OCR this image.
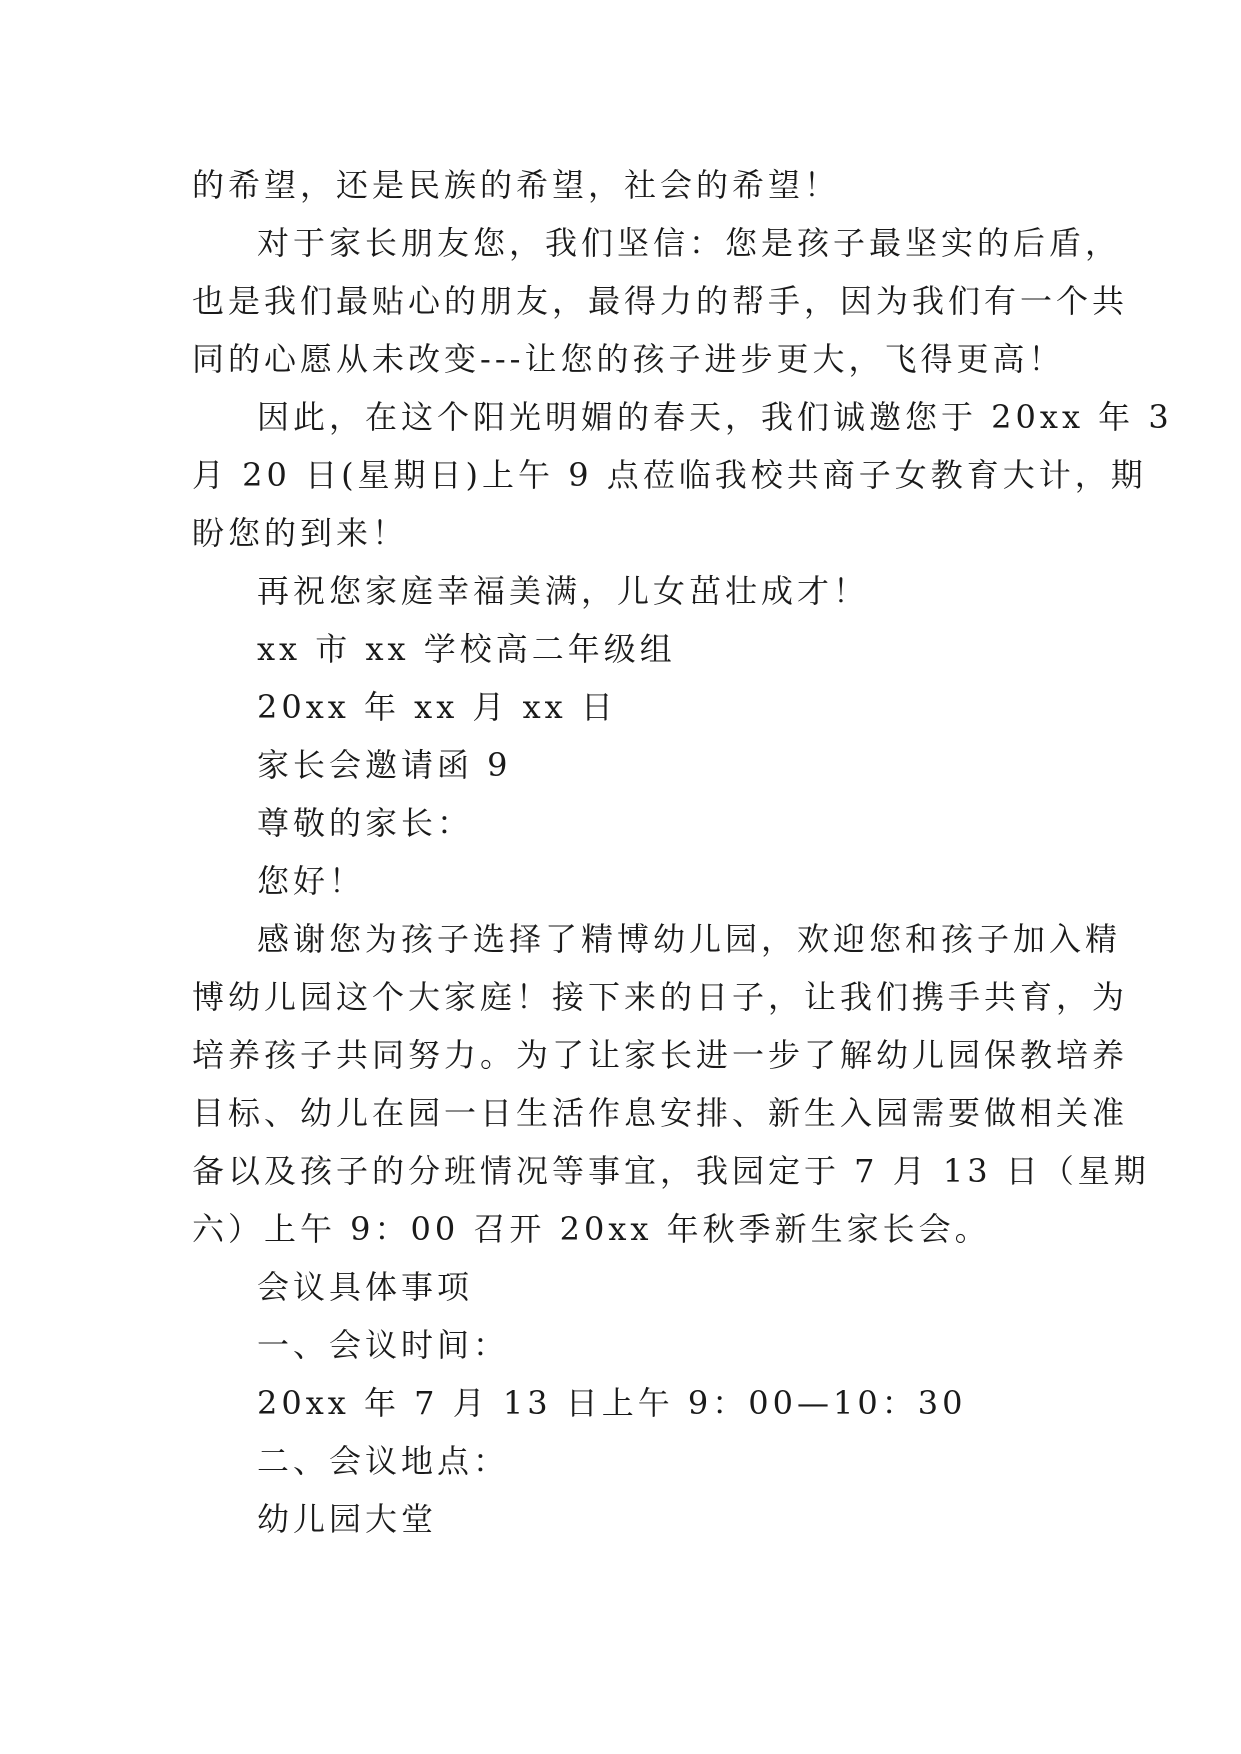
的希望，还是民族的希望，社会的希望！

对于家长朋友您，我们坚信：您是孩子最坚实的后盾，

也是我们最贴心的朋友，最得力的帮手，因为我们有一个共

同的心愿从未改变---让您的孩子进步更大，飞得更高！

因此，在这个阳光明媚的春天，我们诚邀您于 20xx 年 3

月 20 日(星期日)上午 9 点莅临我校共商子女教育大计，期

盼您的到来！

再祝您家庭幸福美满，儿女茁壮成才！

xx 市 xx 学校高二年级组

20xx 年 xx 月 xx 日

家长会邀请函 9

尊敬的家长：

您好！

感谢您为孩子选择了精博幼儿园，欢迎您和孩子加入精

博幼儿园这个大家庭！接下来的日子，让我们携手共育，为

培养孩子共同努力。为了让家长进一步了解幼儿园保教培养

目标、幼儿在园一日生活作息安排、新生入园需要做相关准

备以及孩子的分班情况等事宜，我园定于 7 月 13 日（星期

六）上午 9：00 召开 20xx 年秋季新生家长会。

会议具体事项

一、会议时间：

20xx 年 7 月 13 日上午 9：00—10：30

二、会议地点：

幼儿园大堂
